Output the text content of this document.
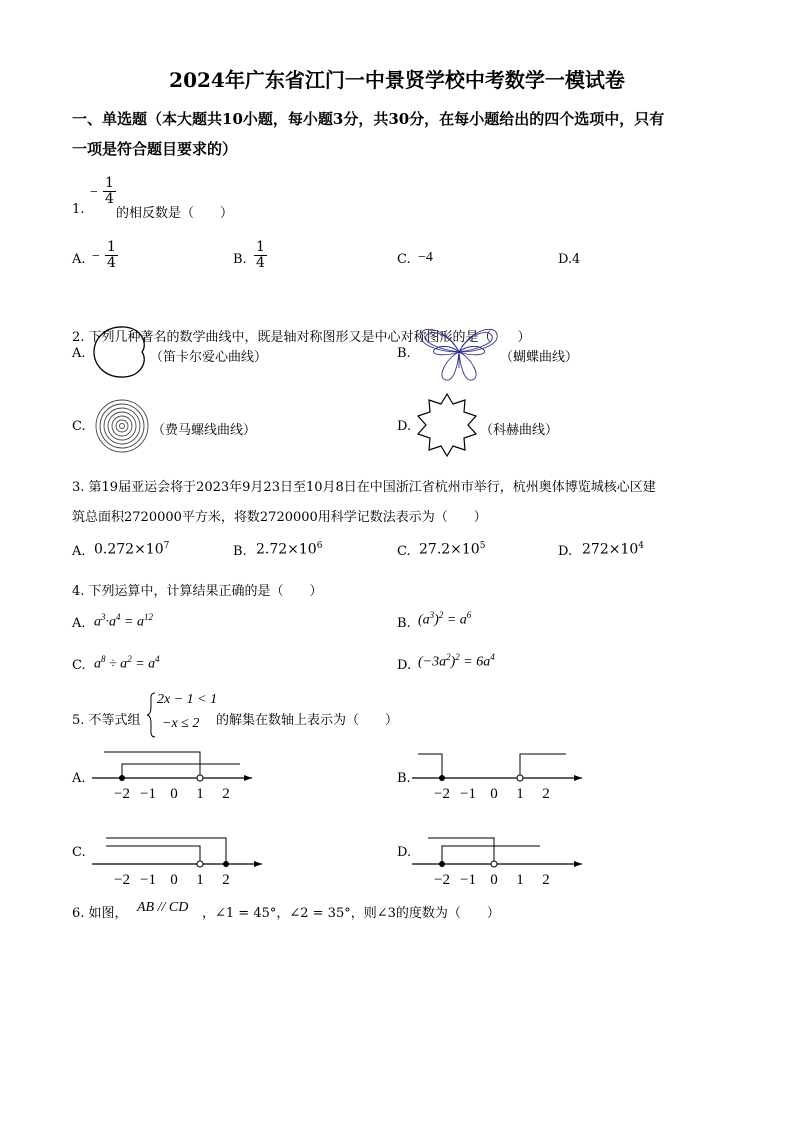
2024年广东省江门一中景贤学校中考数学一模试卷
一、单选题（本大题共10小题，每小题3分，共30分，在每小题给出的四个选项中，只有
一项是符合题目要求的）
1.
− $\frac{1}{4}$
的相反数是（　　）
A. − $\frac{1}{4}$	B. $\frac{1}{4}$	C. −4	D. 4
2. 下列几种著名的数学曲线中，既是轴对称图形又是中心对称图形的是（　　）
A.	（笛卡尔爱心曲线）	B.	（蝴蝶曲线）
C.	（费马螺线曲线）	D.	（科赫曲线）
3. 第19届亚运会将于2023年9月23日至10月8日在中国浙江省杭州市举行，杭州奥体博览城核心区建
筑总面积2720000平方米，将数2720000用科学记数法表示为（　　）
A. $0.272\times 10^7$	B. $2.72\times 10^6$	C. $27.2\times 10^5$	D. $272\times 10^4$
4. 下列运算中，计算结果正确的是（　　）
A. $a^3\cdot a^4 = a^{12}$	B. $(a^3)^2 = a^6$
C. $a^8 \div a^2 = a^4$	D. $(-3a^2)^2 = 6a^4$
5. 不等式组
2x − 1 < 1
−x ≤ 2 的解集在数轴上表示为（　　）
A.
−2 −1 0 1 2
B.
−2 −1 0 1 2
C.
−2 −1 0 1 2
D.
−2 −1 0 1 2
6. 如图， AB // CD ，∠1 = 45°，∠2 = 35°，则∠3的度数为（　　）
